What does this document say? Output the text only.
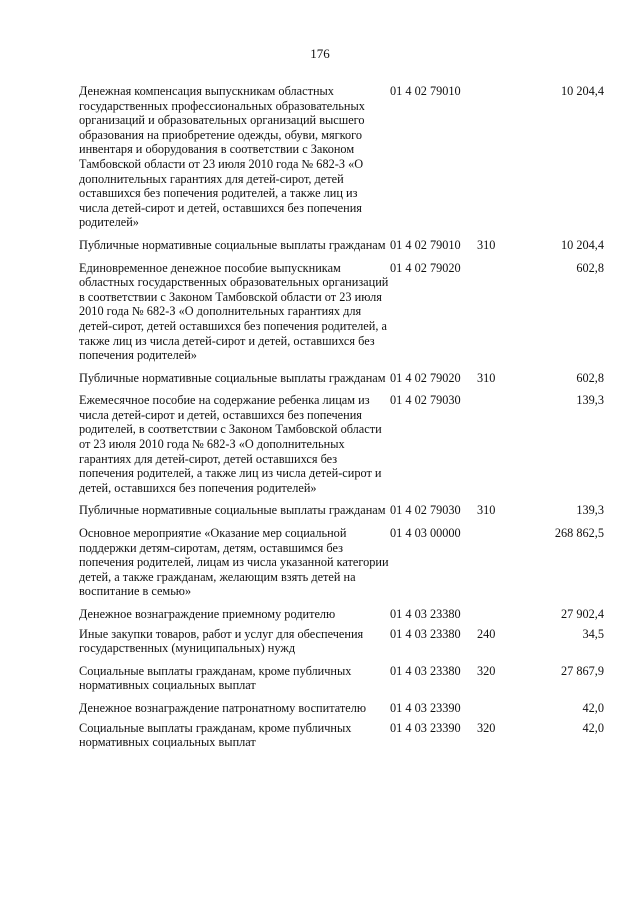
176
Денежная компенсация выпускникам областных государственных профессиональных образовательных организаций и образовательных организаций высшего образования на приобретение одежды, обуви, мягкого инвентаря и оборудования в соответствии с Законом Тамбовской области от 23 июля 2010 года № 682-З «О дополнительных гарантиях для детей-сирот, детей оставшихся без попечения родителей, а также лиц из числа детей-сирот и детей, оставшихся без попечения родителей»	01 4 02 79010		10 204,4
Публичные нормативные социальные выплаты гражданам	01 4 02 79010	310	10 204,4
Единовременное денежное пособие выпускникам областных государственных образовательных организаций в соответствии с Законом Тамбовской области от 23 июля 2010 года № 682-З «О дополнительных гарантиях для детей-сирот, детей оставшихся без попечения родителей, а также лиц из числа детей-сирот и детей, оставшихся без попечения родителей»	01 4 02 79020		602,8
Публичные нормативные социальные выплаты гражданам	01 4 02 79020	310	602,8
Ежемесячное пособие на содержание ребенка лицам из числа детей-сирот и детей, оставшихся без попечения родителей, в соответствии с Законом Тамбовской области от 23 июля 2010 года № 682-З «О дополнительных гарантиях для детей-сирот, детей оставшихся без попечения родителей, а также лиц из числа детей-сирот и детей, оставшихся без попечения родителей»	01 4 02 79030		139,3
Публичные нормативные социальные выплаты гражданам	01 4 02 79030	310	139,3
Основное мероприятие «Оказание мер социальной поддержки детям-сиротам, детям, оставшимся без попечения родителей, лицам из числа указанной категории детей, а также гражданам, желающим взять детей на воспитание в семью»	01 4 03 00000		268 862,5
Денежное вознаграждение приемному родителю	01 4 03 23380		27 902,4
Иные закупки товаров, работ и услуг для обеспечения государственных (муниципальных) нужд	01 4 03 23380	240	34,5
Социальные выплаты гражданам, кроме публичных нормативных социальных выплат	01 4 03 23380	320	27 867,9
Денежное вознаграждение патронатному воспитателю	01 4 03 23390		42,0
Социальные выплаты гражданам, кроме публичных нормативных социальных выплат	01 4 03 23390	320	42,0
